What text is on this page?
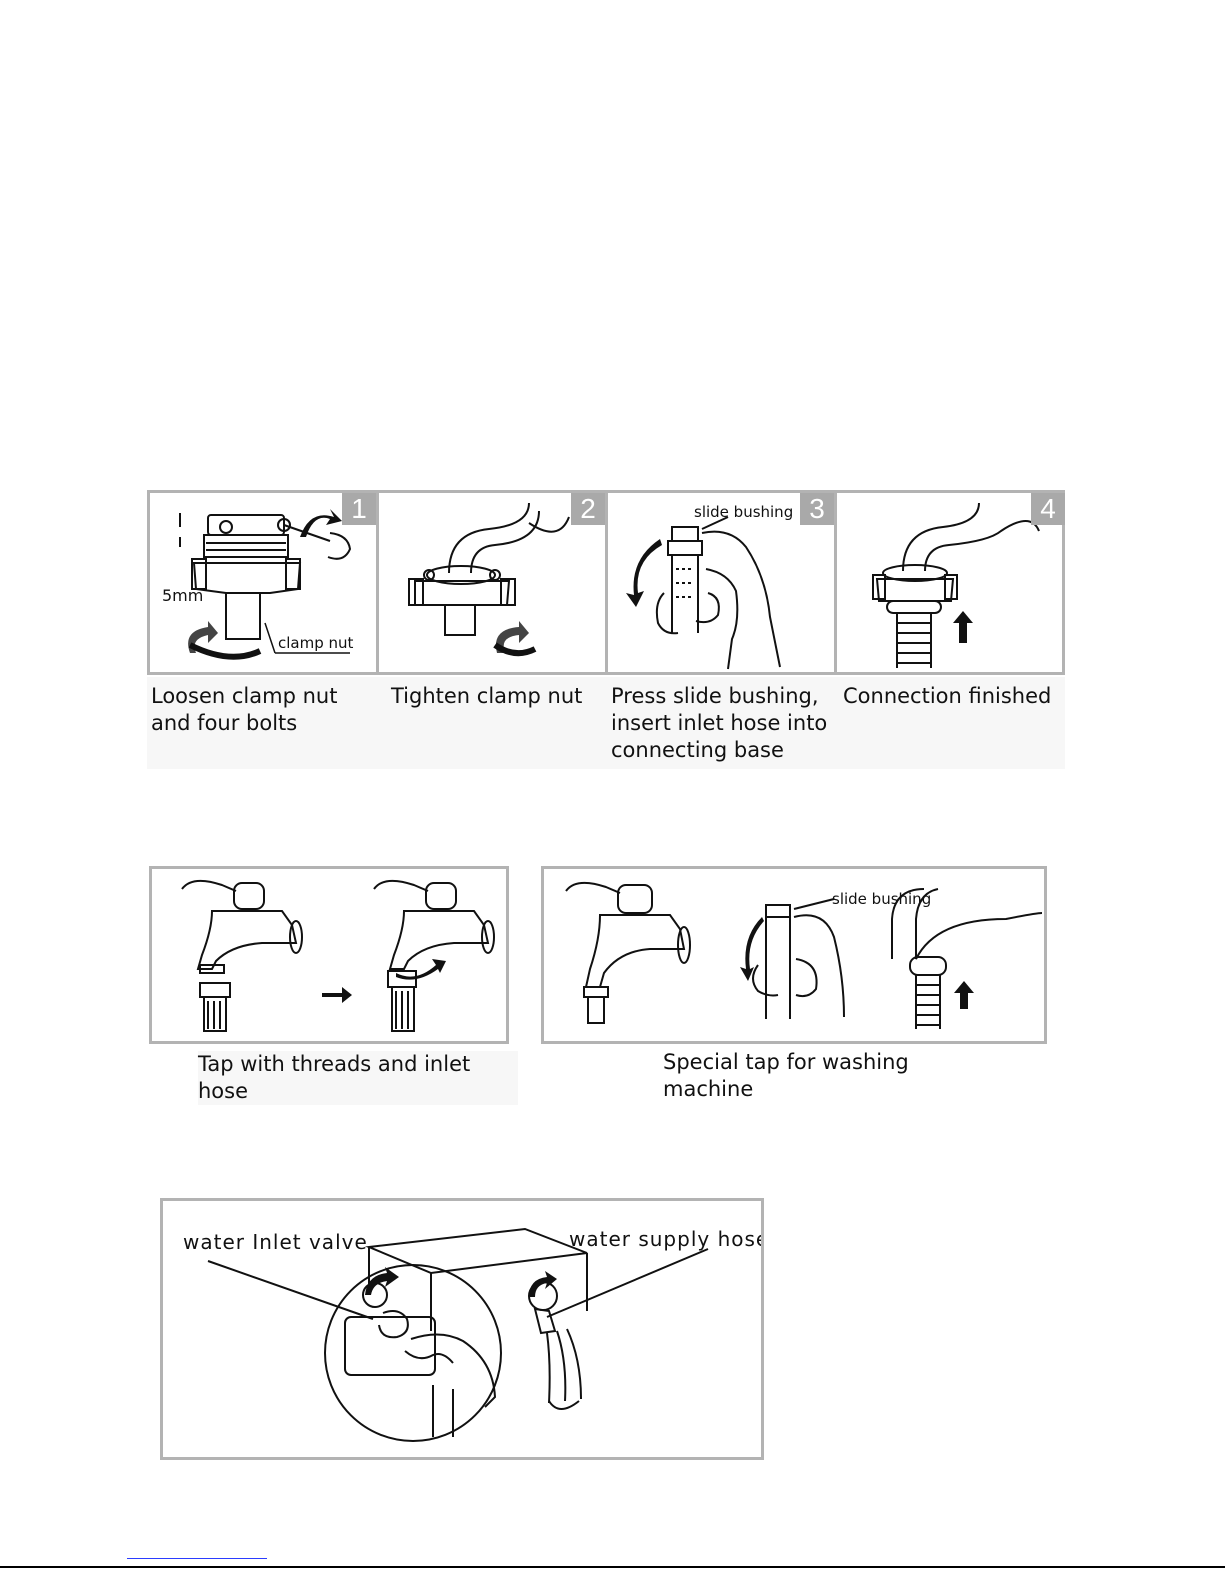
5mm
clamp nut
1	2	slide bushing 3	4
Loosen clamp nut and four bolts
Tighten clamp nut	Press slide bushing, insert inlet hose into connecting base
Connection finished
Tap with threads and inlet hose
slide bushing
Special tap for washing machine
water Inlet valve	water supply hose
